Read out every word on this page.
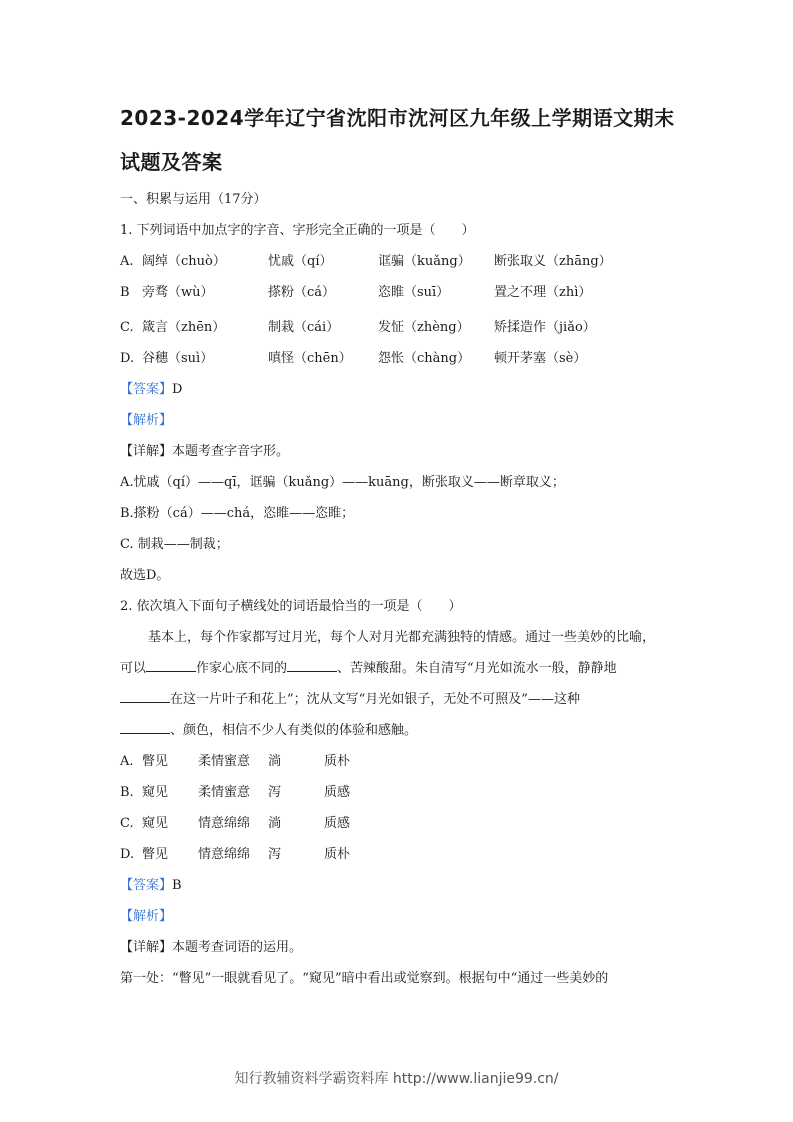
2023-2024学年辽宁省沈阳市沈河区九年级上学期语文期末
试题及答案
一、积累与运用（17分）
1. 下列词语中加点字的字音、字形完全正确的一项是（　　）
A. 阔绰（chuò）	忧戚（qí）	诓骗（kuǎng）	断张取义（zhāng）
B 旁骛（wù）	搽粉（cá）	恣睢（suī）	置之不理（zhì）
C. 箴言（zhēn）	制栽（cái）	发怔（zhèng）	矫揉造作（jiǎo）
D. 谷穗（suì）	嗔怪（chēn）	怨怅（chàng）	顿开茅塞（sè）
【答案】D
【解析】
【详解】本题考查字音字形。
A.忧戚（qí）——qī，诓骗（kuǎng）——kuāng，断张取义——断章取义；
B.搽粉（cá）——chá，恣睢——恣睢；
C. 制栽——制裁；
故选D。
2. 依次填入下面句子横线处的词语最恰当的一项是（　　）
基本上，每个作家都写过月光，每个人对月光都充满独特的情感。通过一些美妙的比喻，
可以	作家心底不同的	、苦辣酸甜。朱自清写“月光如流水一般，静静地
在这一片叶子和花上”；沈从文写“月光如银子，无处不可照及”——这种
、颜色，相信不少人有类似的体验和感触。
A. 瞥见	柔情蜜意	淌	质朴
B. 窥见	柔情蜜意	泻	质感
C. 窥见	情意绵绵	淌	质感
D. 瞥见	情意绵绵	泻	质朴
【答案】B
【解析】
【详解】本题考查词语的运用。
第一处：“瞥见”一眼就看见了。“窥见”暗中看出或觉察到。根据句中“通过一些美妙的
知行教辅资料学霸资料库 http://www.lianjie99.cn/
